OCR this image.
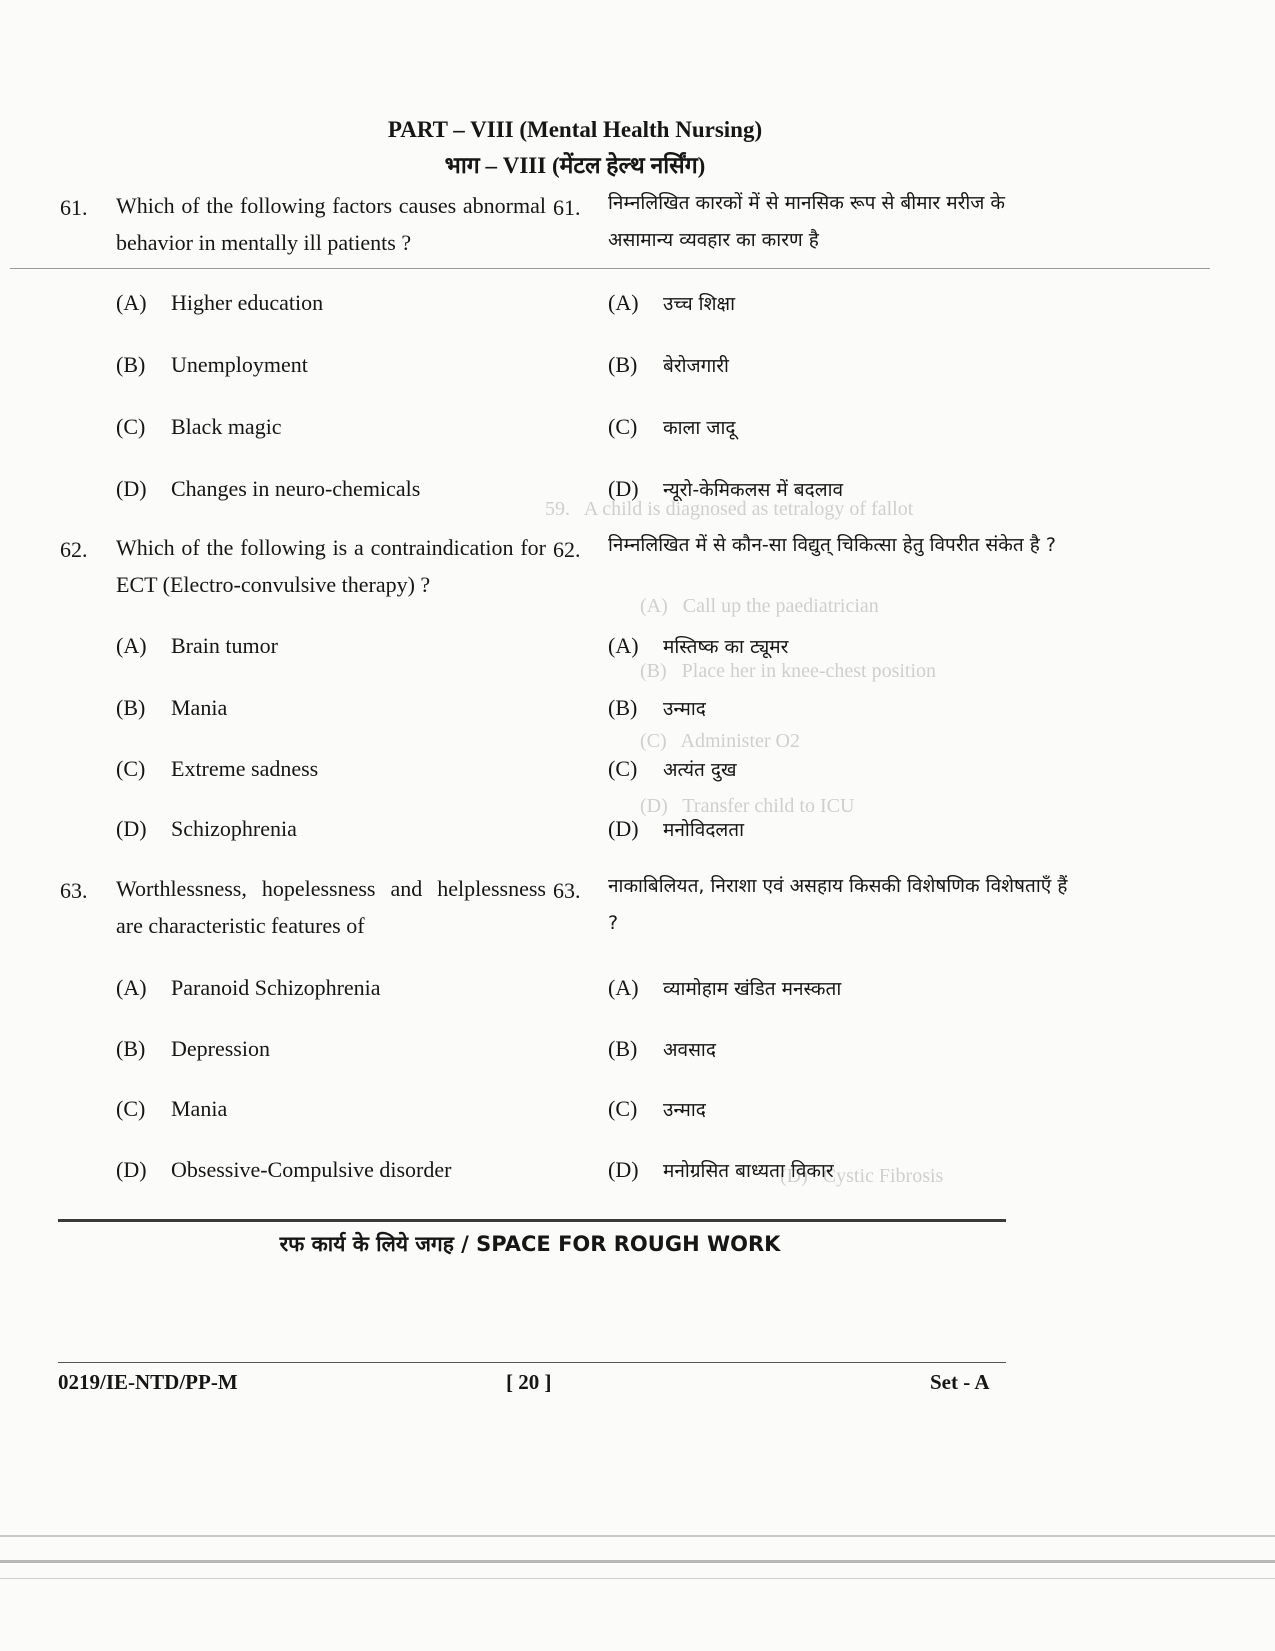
59.   A child is diagnosed as tetralogy of fallot
(A)   Call up the paediatrician
(B)   Place her in knee-chest position
(C)   Administer O2
(D)   Transfer child to ICU
(D)   Cystic Fibrosis
PART – VIII (Mental Health Nursing)
भाग – VIII (मेंटल हेल्थ नर्सिंग)
61. Which of the following factors causes abnormal behavior in mentally ill patients ?
61. निम्नलिखित कारकों में से मानसिक रूप से बीमार मरीज के असामान्य व्यवहार का कारण है
(A) Higher education	(A) उच्च शिक्षा
(B) Unemployment	(B) बेरोजगारी
(C) Black magic	(C) काला जादू
(D) Changes in neuro-chemicals	(D) न्यूरो-केमिकलस में बदलाव
62. Which of the following is a contraindication for ECT (Electro-convulsive therapy) ?
62. निम्नलिखित में से कौन-सा विद्युत् चिकित्सा हेतु विपरीत संकेत है ?
(A) Brain tumor	(A) मस्तिष्क का ट्यूमर
(B) Mania	(B) उन्माद
(C) Extreme sadness	(C) अत्यंत दुख
(D) Schizophrenia	(D) मनोविदलता
63. Worthlessness, hopelessness and helplessness are characteristic features of
63. नाकाबिलियत, निराशा एवं असहाय किसकी विशेषणिक विशेषताएँ हैं ?
(A) Paranoid Schizophrenia	(A) व्यामोहाम खंडित मनस्कता
(B) Depression	(B) अवसाद
(C) Mania	(C) उन्माद
(D) Obsessive-Compulsive disorder	(D) मनोग्रसित बाध्यता विकार
रफ कार्य के लिये जगह / SPACE FOR ROUGH WORK
0219/IE-NTD/PP-M	[ 20 ]	Set - A
